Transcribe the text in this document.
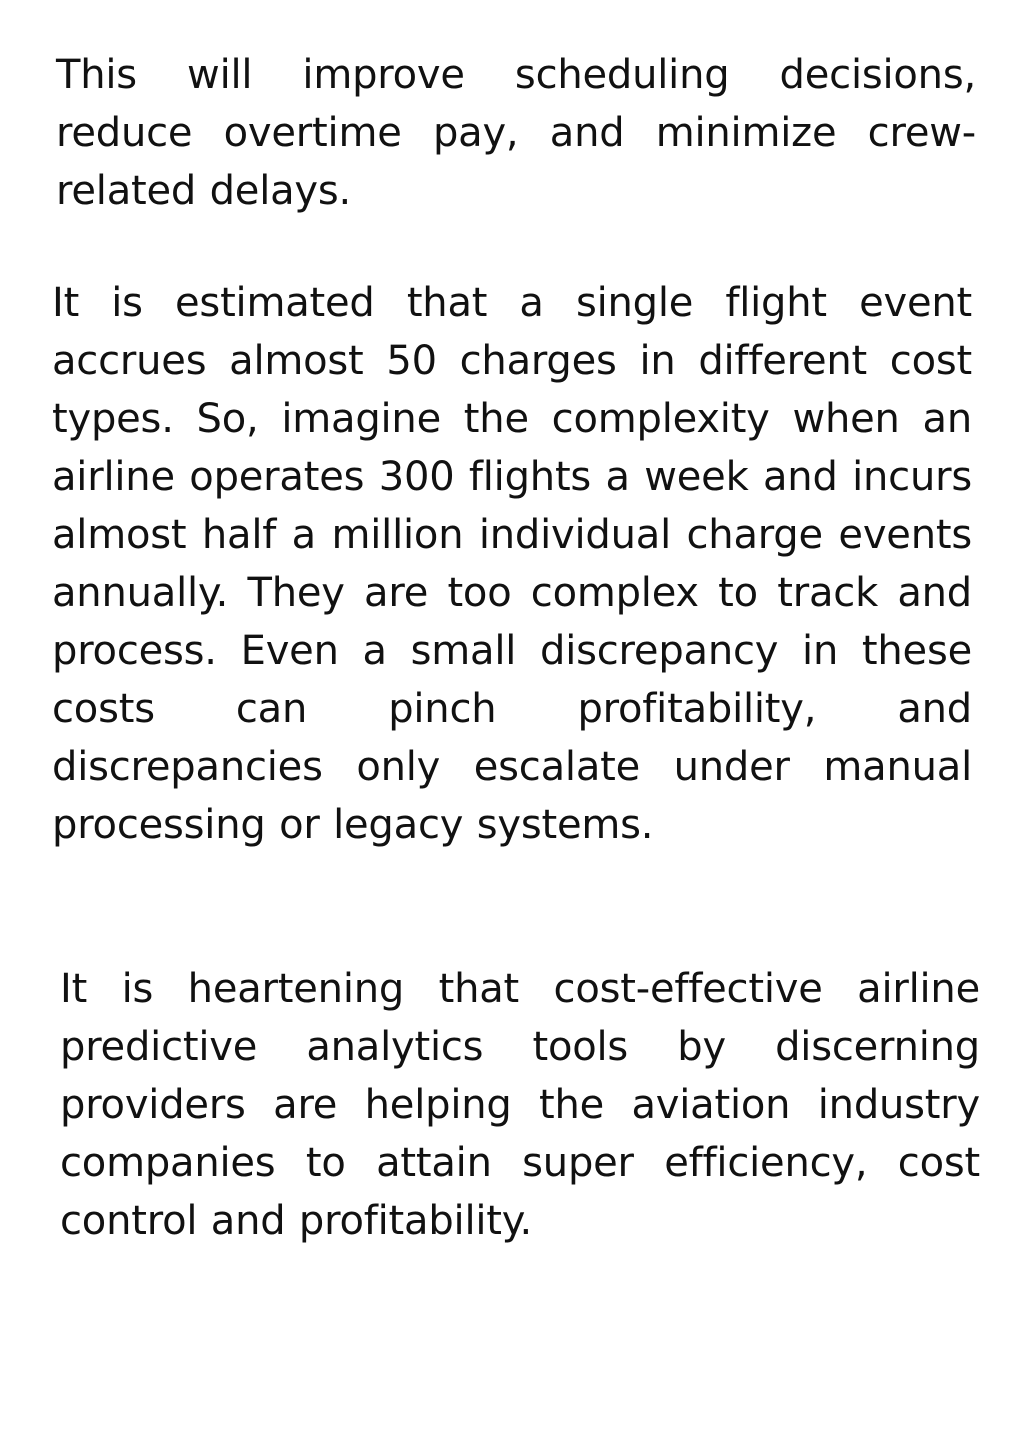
This will improve scheduling decisions, reduce overtime pay, and minimize crew-related delays.

It is estimated that a single flight event accrues almost 50 charges in different cost types. So, imagine the complexity when an airline operates 300 flights a week and incurs almost half a million individual charge events annually. They are too complex to track and process. Even a small discrepancy in these costs can pinch profitability, and discrepancies only escalate under manual processing or legacy systems.

It is heartening that cost-effective airline predictive analytics tools by discerning providers are helping the aviation industry companies to attain super efficiency, cost control and profitability.
